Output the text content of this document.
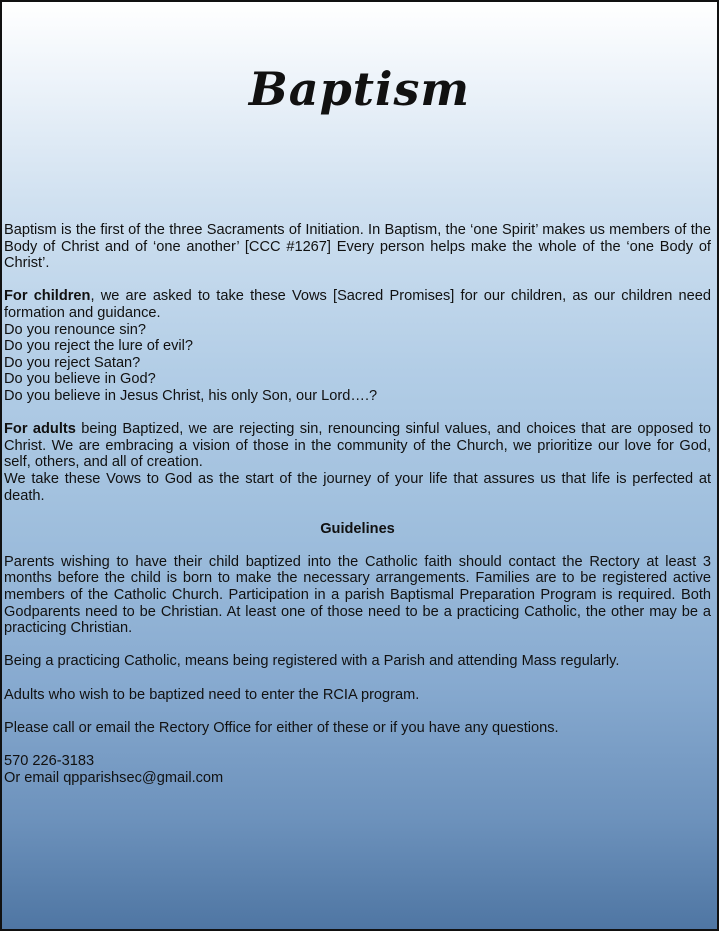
Baptism

Baptism is the first of the three Sacraments of Initiation. In Baptism, the ‘one Spirit’ makes us members of the Body of Christ and of ‘one another’ [CCC #1267] Every person helps make the whole of the ‘one Body of Christ’.

For children, we are asked to take these Vows [Sacred Promises] for our children, as our children need formation and guidance.

Do you renounce sin?
Do you reject the lure of evil?
Do you reject Satan?
Do you believe in God?
Do you believe in Jesus Christ, his only Son, our Lord….?

For adults being Baptized, we are rejecting sin, renouncing sinful values, and choices that are opposed to Christ. We are embracing a vision of those in the community of the Church, we prioritize our love for God, self, others, and all of creation.

We take these Vows to God as the start of the journey of your life that assures us that life is perfected at death.

Guidelines

Parents wishing to have their child baptized into the Catholic faith should contact the Rectory at least 3 months before the child is born to make the necessary arrangements. Families are to be registered active members of the Catholic Church. Participation in a parish Baptismal Preparation Program is required. Both Godparents need to be Christian. At least one of those need to be a practicing Catholic, the other may be a practicing Christian.

Being a practicing Catholic, means being registered with a Parish and attending Mass regularly.

Adults who wish to be baptized need to enter the RCIA program.

Please call or email the Rectory Office for either of these or if you have any questions.

570 226-3183
Or email qpparishsec@gmail.com
